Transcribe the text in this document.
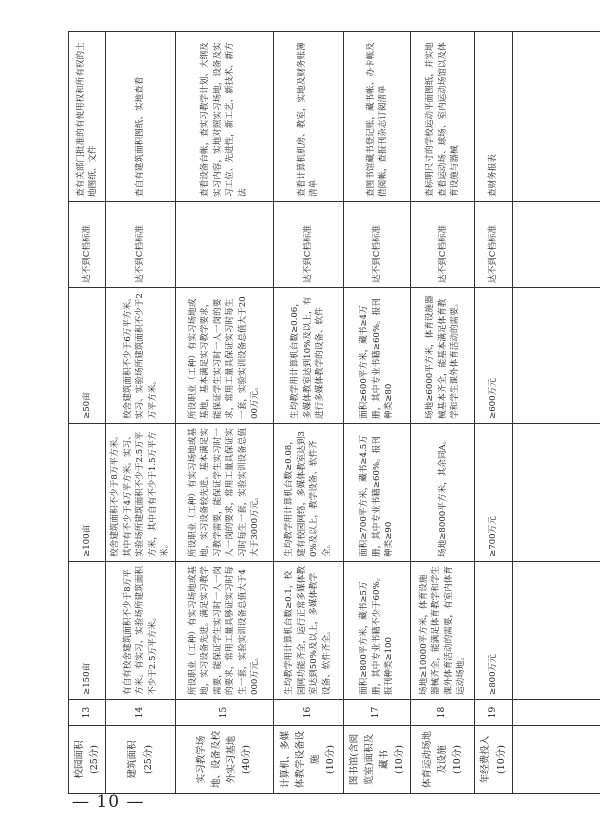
校园面积
(25分)	13	≥150亩	≥100亩	≥50亩	达不到C档标准	查有关部门批准的有使用权和所有权的土地图纸、文件
建筑面积
(25分)	14	有自有校舍建筑面积不少于8万平方米。有实习、实验场所建筑面积不少于2.5万平方米。	校舍建筑面积不少于8万平方米。其中有不少于4万平方米。实习、实验场所建筑面积不少于2.5万平方米，其中自有不少于1.5万平方米。	校舍建筑面积不少于6万平方米。实习、实验场所建筑面积不少于2万平方米。	达不到C档标准	查自有建筑面积图纸、实地查看
实习教学场地、设备及校外实习基地
(40分)	15	所设职业（工种）有实习场地或基地，实习设备先进。满足实习教学需要，能保证学生实习时一人一岗的要求，常用工量具够证实习时每生一套，实验实训设备总值大于4000万元。	所设职业（工种）有实习场地或基地，实习设备较先进。基本满足实习教学需要，能保证学生实习时一人一岗的要求，常用工量具保证实习时每生一套，实验实训设备总值大于3000万元。	所设职业（工种）有实习场地或基地，基本满足实习教学要求，能保证学生实习时一人一岗的要求，常用工量具保证实习时每生一套，实验实训设备总值大于2000万元。		查看设备台帐，查实习教学计划、大纲及实习内容，实地对照实习场地，设备及实习工位、先进性，新工艺、新技术、新方法
计算机、多媒体教学设备设施
(10分)	16	生均教学用计算机台数≥0.1，校园网功能齐全，运行正常多媒体教室达到50%及以上，多媒体教学设备、软件齐全。	生均教学用计算机台数≥0.08，建有校园网络，多媒体教室达到30%及以上，教学设备、软件齐全。	生均教学用计算机台数≥0.06，多媒体教室达到10%及以上，有进行多媒体教学的设备、软件	达不到C档标准	查看计算机机房、教室，实地及财务账簿清单
图书馆(含阅览室)面积及藏书
(10分)	17	面积≥800平方米，藏书≥5万册，其中专业书籍不少于60%。报刊种类≥100	面积≥700平方米，藏书≥4.5万册，其中专业书籍≥60%。报刊种类≥90	面积≥600平方米，藏书≥4万册，其中专业书籍≥60%。报刊种类≥80	达不到C档标准	查图书馆藏书登记账，藏书帐、办卡帐及借阅帐，查报刊杂志订阅清单
体育运动场地及设施
(10分)	18	场地≥10000平方米，体育设施器械齐全，能满足体育教学和学生课外体育活动的需要，有室内体育运动场地。	场地≥8000平方米，其余同A。	场地≥6000平方米，体育设施器械基本齐全，能基本满足体育教学和学生课外体育活动的需要。	达不到C档标准	查标明尺寸的学校运动平面图纸，并实地查看运动场、球场、室内运动场馆以及体育设施与器械
年经费投入
(10分)	19	≥800万元	≥700万元	≥600万元	达不到C档标准	查财务报表

— 10 —
